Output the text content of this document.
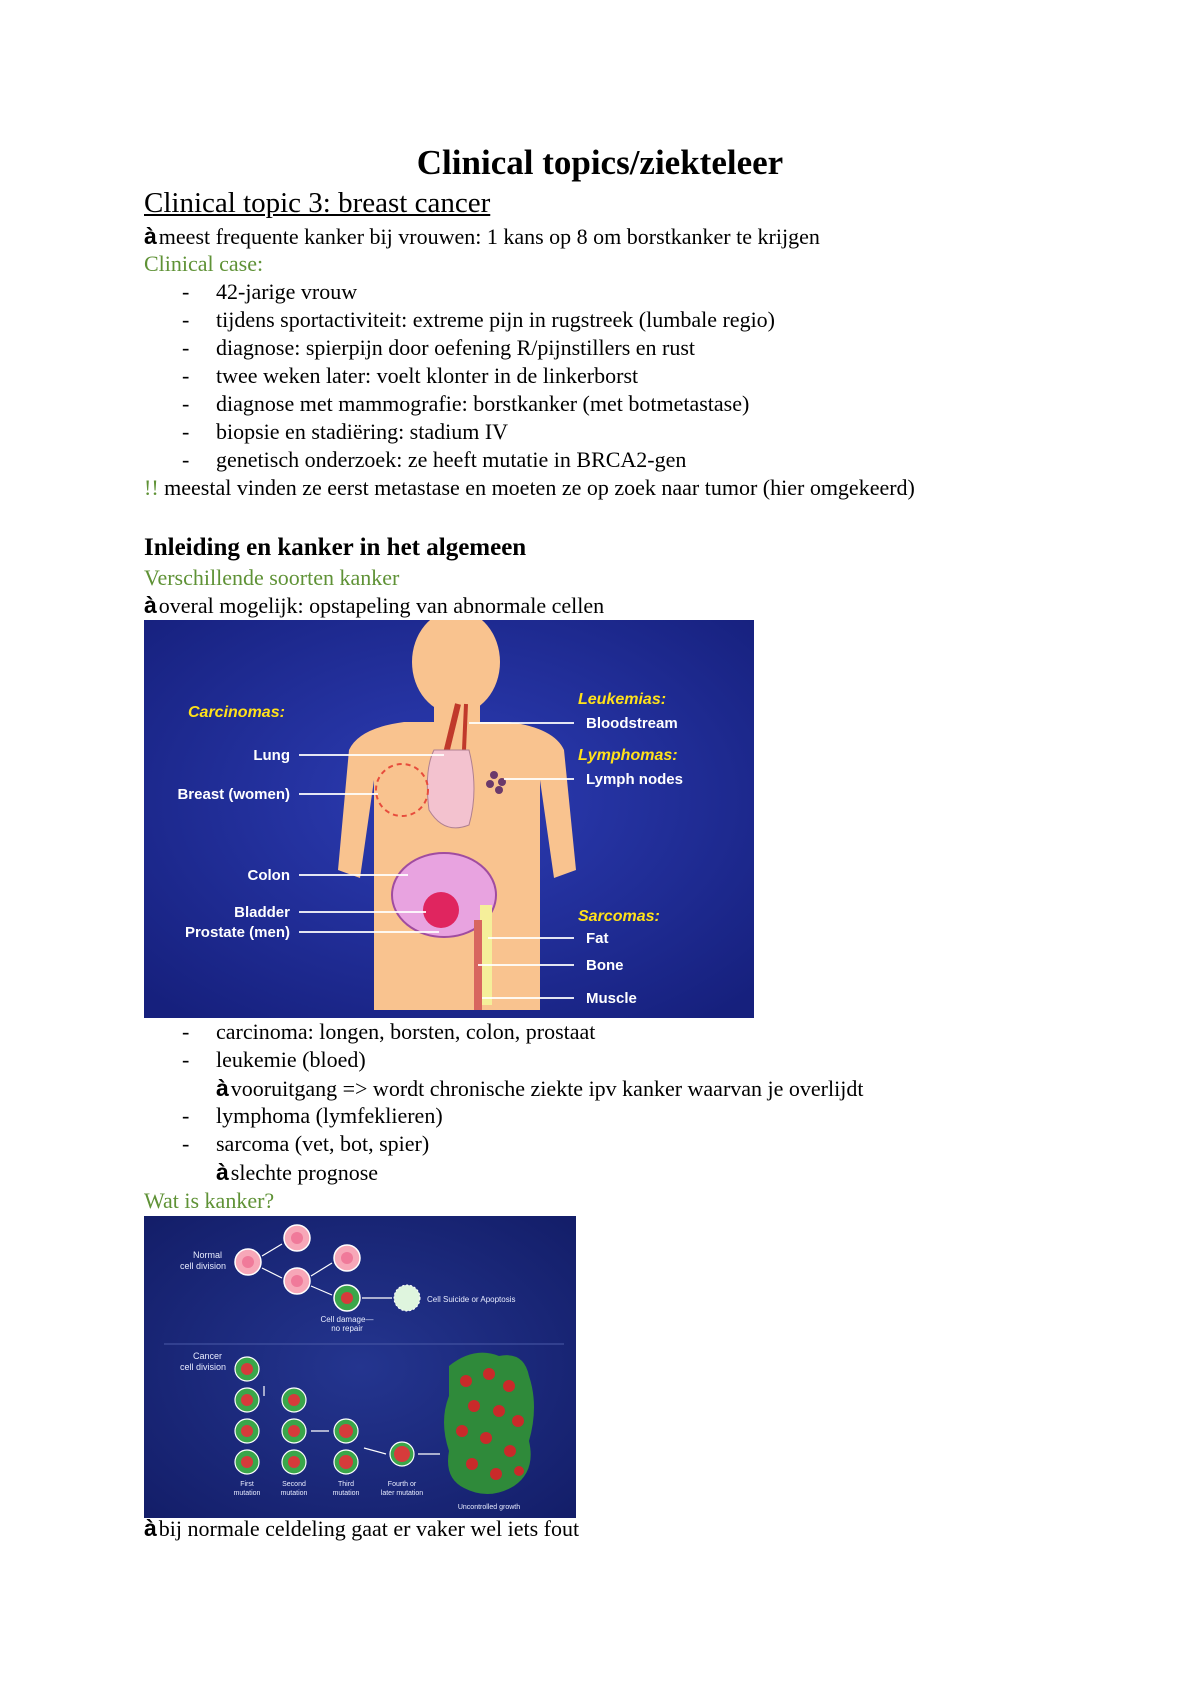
Clinical topics/ziekteleer
Clinical topic 3: breast cancer
àmeest frequente kanker bij vrouwen: 1 kans op 8 om borstkanker te krijgen
Clinical case:
- 42-jarige vrouw
- tijdens sportactiviteit: extreme pijn in rugstreek (lumbale regio)
- diagnose: spierpijn door oefening R/pijnstillers en rust
- twee weken later: voelt klonter in de linkerborst
- diagnose met mammografie: borstkanker (met botmetastase)
- biopsie en stadiëring: stadium IV
- genetisch onderzoek: ze heeft mutatie in BRCA2-gen
!! meestal vinden ze eerst metastase en moeten ze op zoek naar tumor (hier omgekeerd)
Inleiding en kanker in het algemeen
Verschillende soorten kanker
àoveral mogelijk: opstapeling van abnormale cellen
Carcinomas:
Lung
Breast (women)
Colon
Bladder
Prostate (men)
Leukemias:
Bloodstream
Lymphomas:
Lymph nodes
Sarcomas:
Fat
Bone
Muscle
- carcinoma: longen, borsten, colon, prostaat
- leukemie (bloed)
àvooruitgang => wordt chronische ziekte ipv kanker waarvan je overlijdt
- lymphoma (lymfeklieren)
- sarcoma (vet, bot, spier)
àslechte prognose
Wat is kanker?
Normal
cell division
Cell Suicide or Apoptosis
Cell damage—
no repair
Cancer
cell division
First
mutation
Second
mutation
Third
mutation
Fourth or
later mutation
Uncontrolled growth
àbij normale celdeling gaat er vaker wel iets fout
